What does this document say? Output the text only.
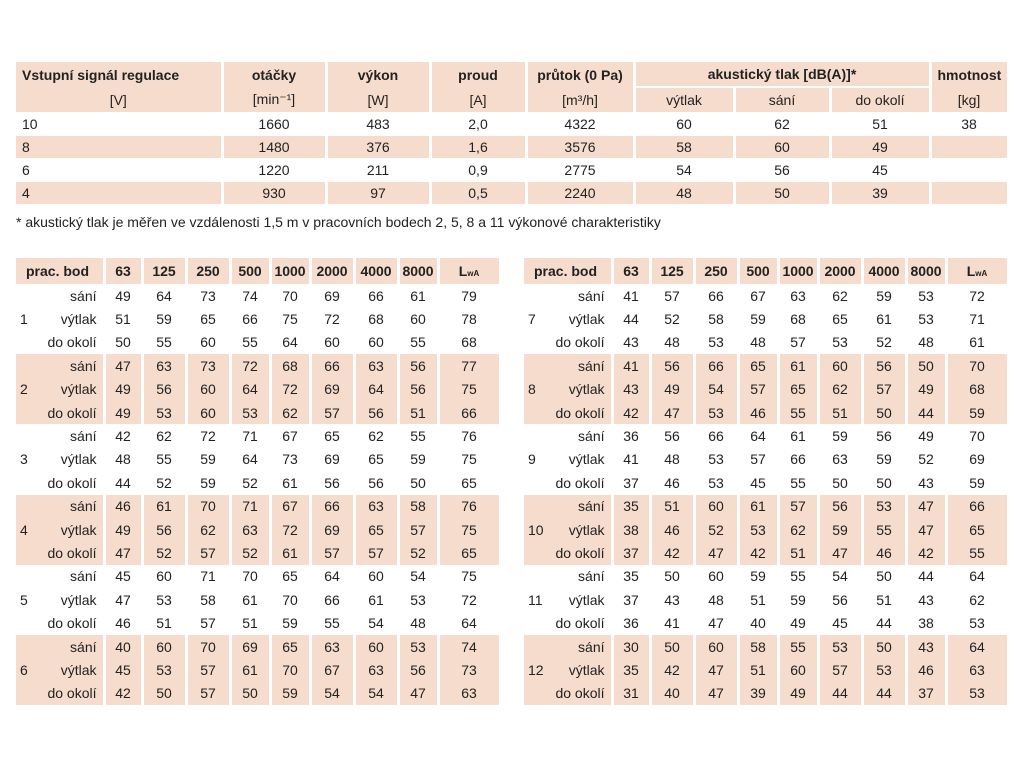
Vstupní signál regulace	otáčky	výkon	proud	průtok (0 Pa)	akustický tlak [dB(A)]*			hmotnost
[V]	[min⁻¹]	[W]	[A]	[m³/h]	výtlak	sání	do okolí	[kg]
10	1660	483	2,0	4322	60	62	51	38
8	1480	376	1,6	3576	58	60	49	
6	1220	211	0,9	2775	54	56	45	
4	930	97	0,5	2240	48	50	39	
* akustický tlak je měřen ve vzdálenosti 1,5 m v pracovních bodech 2, 5, 8 a 11 výkonové charakteristiky
prac. bod		63	125	250	500	1000	2000	4000	8000	LwA
1	sání	49	64	73	74	70	69	66	61	79
	výtlak	51	59	65	66	75	72	68	60	78
	do okolí	50	55	60	55	64	60	60	55	68
2	sání	47	63	73	72	68	66	63	56	77
	výtlak	49	56	60	64	72	69	64	56	75
	do okolí	49	53	60	53	62	57	56	51	66
3	sání	42	62	72	71	67	65	62	55	76
	výtlak	48	55	59	64	73	69	65	59	75
	do okolí	44	52	59	52	61	56	56	50	65
4	sání	46	61	70	71	67	66	63	58	76
	výtlak	49	56	62	63	72	69	65	57	75
	do okolí	47	52	57	52	61	57	57	52	65
5	sání	45	60	71	70	65	64	60	54	75
	výtlak	47	53	58	61	70	66	61	53	72
	do okolí	46	51	57	51	59	55	54	48	64
6	sání	40	60	70	69	65	63	60	53	74
	výtlak	45	53	57	61	70	67	63	56	73
	do okolí	42	50	57	50	59	54	54	47	63
prac. bod		63	125	250	500	1000	2000	4000	8000	LwA
7	sání	41	57	66	67	63	62	59	53	72
	výtlak	44	52	58	59	68	65	61	53	71
	do okolí	43	48	53	48	57	53	52	48	61
8	sání	41	56	66	65	61	60	56	50	70
	výtlak	43	49	54	57	65	62	57	49	68
	do okolí	42	47	53	46	55	51	50	44	59
9	sání	36	56	66	64	61	59	56	49	70
	výtlak	41	48	53	57	66	63	59	52	69
	do okolí	37	46	53	45	55	50	50	43	59
10	sání	35	51	60	61	57	56	53	47	66
	výtlak	38	46	52	53	62	59	55	47	65
	do okolí	37	42	47	42	51	47	46	42	55
11	sání	35	50	60	59	55	54	50	44	64
	výtlak	37	43	48	51	59	56	51	43	62
	do okolí	36	41	47	40	49	45	44	38	53
12	sání	30	50	60	58	55	53	50	43	64
	výtlak	35	42	47	51	60	57	53	46	63
	do okolí	31	40	47	39	49	44	44	37	53
